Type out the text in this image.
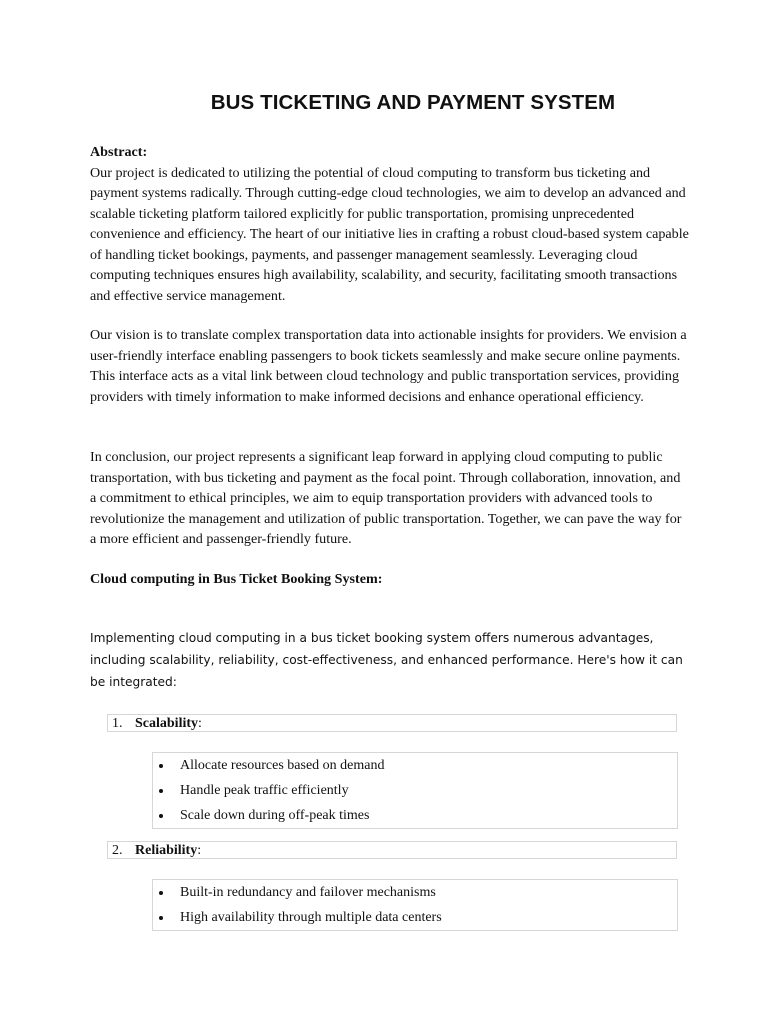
BUS TICKETING AND PAYMENT SYSTEM

Abstract:

Our project is dedicated to utilizing the potential of cloud computing to transform bus ticketing and payment systems radically. Through cutting-edge cloud technologies, we aim to develop an advanced and scalable ticketing platform tailored explicitly for public transportation, promising unprecedented convenience and efficiency. The heart of our initiative lies in crafting a robust cloud-based system capable of handling ticket bookings, payments, and passenger management seamlessly. Leveraging cloud computing techniques ensures high availability, scalability, and security, facilitating smooth transactions and effective service management.

Our vision is to translate complex transportation data into actionable insights for providers. We envision a user-friendly interface enabling passengers to book tickets seamlessly and make secure online payments. This interface acts as a vital link between cloud technology and public transportation services, providing providers with timely information to make informed decisions and enhance operational efficiency.

In conclusion, our project represents a significant leap forward in applying cloud computing to public transportation, with bus ticketing and payment as the focal point. Through collaboration, innovation, and a commitment to ethical principles, we aim to equip transportation providers with advanced tools to revolutionize the management and utilization of public transportation. Together, we can pave the way for a more efficient and passenger-friendly future.

Cloud computing in Bus Ticket Booking System:
Implementing cloud computing in a bus ticket booking system offers numerous advantages, including scalability, reliability, cost-effectiveness, and enhanced performance. Here's how it can be integrated:
1. Scalability:
Allocate resources based on demand
Handle peak traffic efficiently
Scale down during off-peak times
2. Reliability:
Built-in redundancy and failover mechanisms
High availability through multiple data centers
